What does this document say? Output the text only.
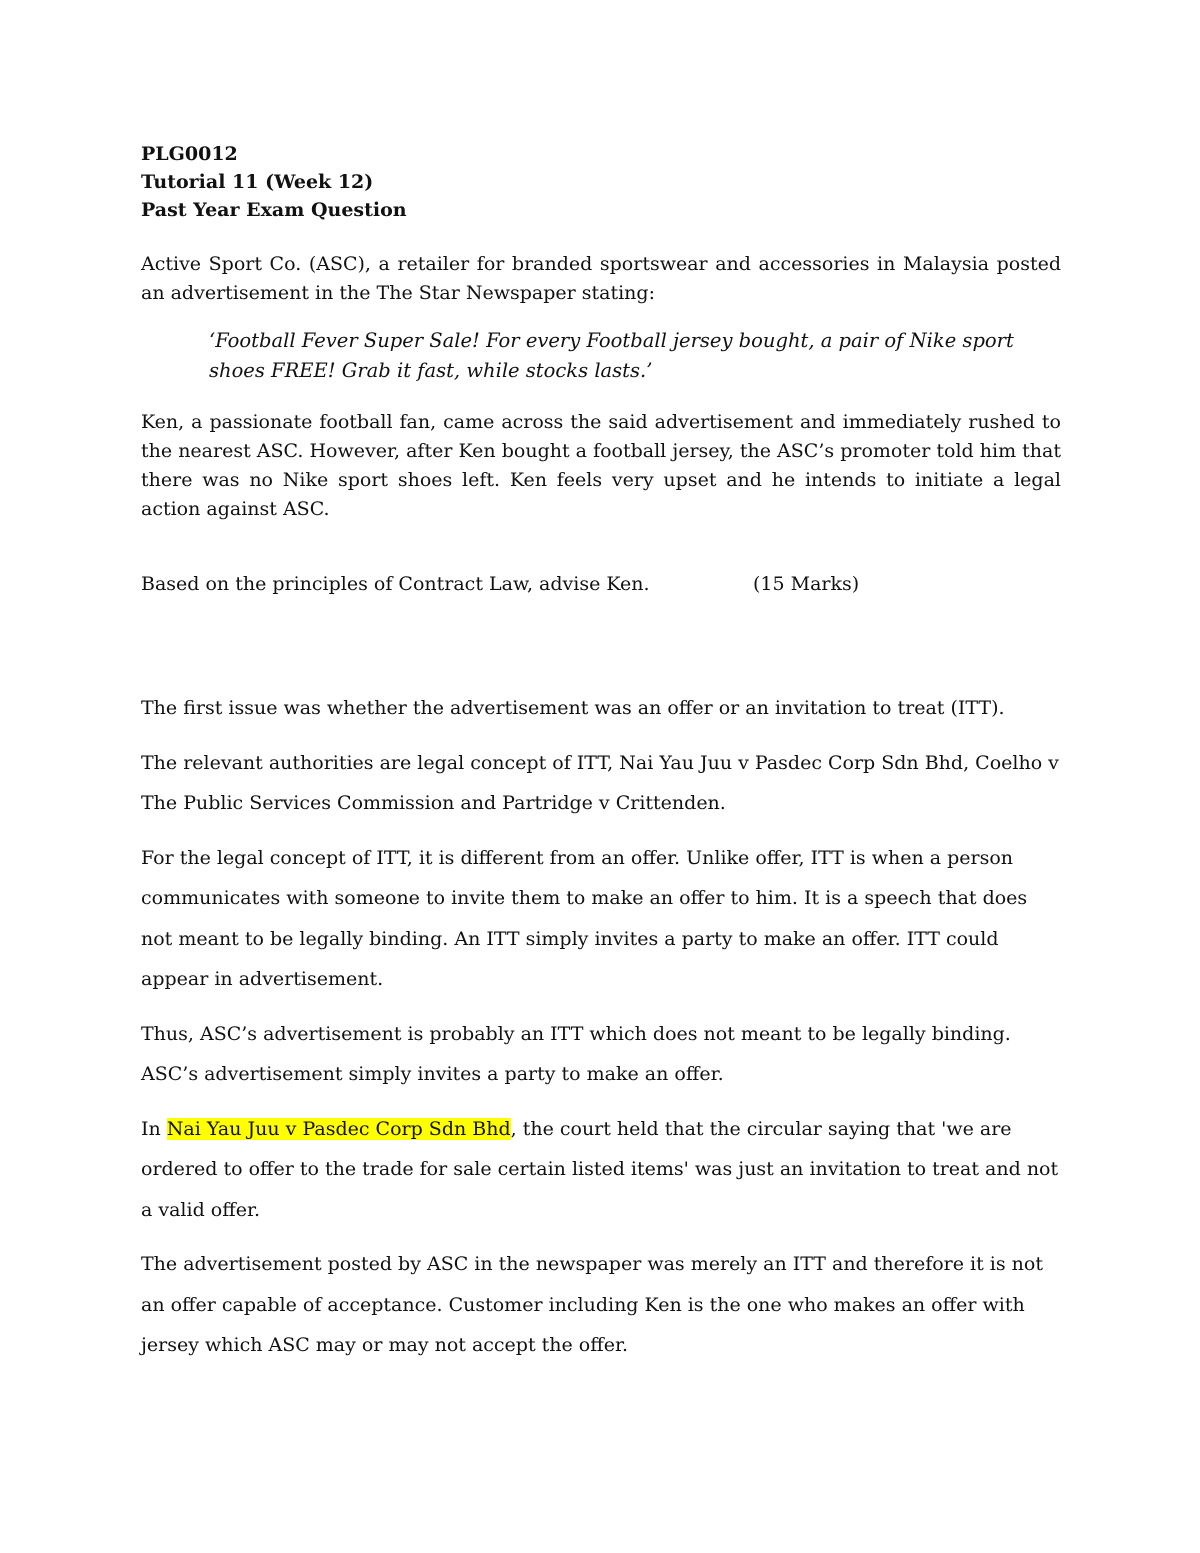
PLG0012

Tutorial 11 (Week 12)

Past Year Exam Question

Active Sport Co. (ASC), a retailer for branded sportswear and accessories in Malaysia posted an advertisement in the The Star Newspaper stating:

‘Football Fever Super Sale! For every Football jersey bought, a pair of Nike sport shoes FREE! Grab it fast, while stocks lasts.’

Ken, a passionate football fan, came across the said advertisement and immediately rushed to the nearest ASC. However, after Ken bought a football jersey, the ASC’s promoter told him that there was no Nike sport shoes left. Ken feels very upset and he intends to initiate a legal action against ASC.

Based on the principles of Contract Law, advise Ken.	(15 Marks)

The first issue was whether the advertisement was an offer or an invitation to treat (ITT).

The relevant authorities are legal concept of ITT, Nai Yau Juu v Pasdec Corp Sdn Bhd, Coelho v The Public Services Commission and Partridge v Crittenden.

For the legal concept of ITT, it is different from an offer. Unlike offer, ITT is when a person communicates with someone to invite them to make an offer to him. It is a speech that does not meant to be legally binding. An ITT simply invites a party to make an offer. ITT could appear in advertisement.

Thus, ASC’s advertisement is probably an ITT which does not meant to be legally binding. ASC’s advertisement simply invites a party to make an offer.

In Nai Yau Juu v Pasdec Corp Sdn Bhd, the court held that the circular saying that 'we are ordered to offer to the trade for sale certain listed items' was just an invitation to treat and not a valid offer.

The advertisement posted by ASC in the newspaper was merely an ITT and therefore it is not an offer capable of acceptance. Customer including Ken is the one who makes an offer with jersey which ASC may or may not accept the offer.
